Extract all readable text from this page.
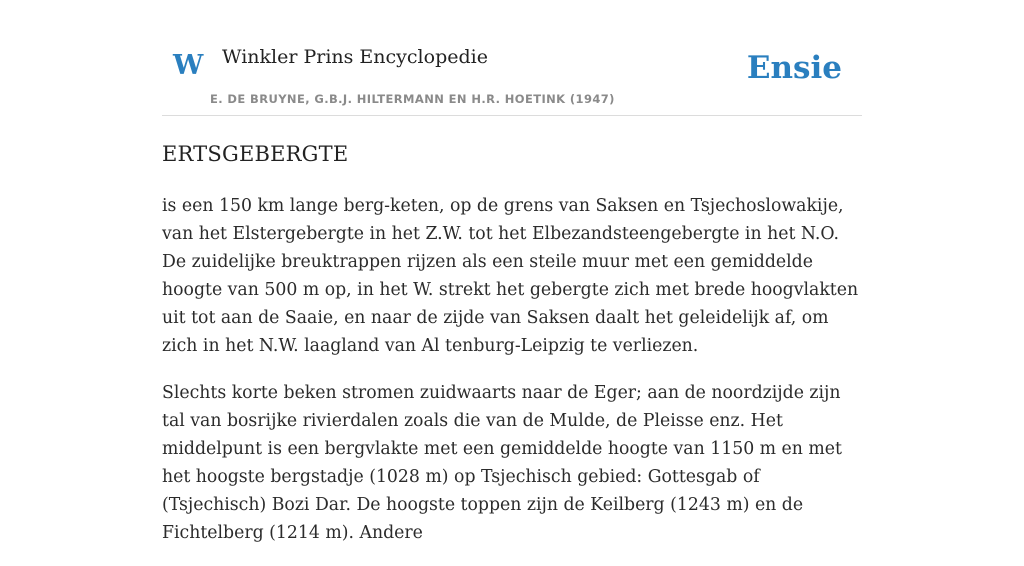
W Winkler Prins Encyclopedie
E. DE BRUYNE, G.B.J. HILTERMANN EN H.R. HOETINK (1947)
Ensie
ERTSGEBERGTE

is een 150 km lange berg-keten, op de grens van Saksen en Tsjechoslowakije, van het Elstergebergte in het Z.W. tot het Elbezandsteengebergte in het N.O. De zuidelijke breuktrappen rijzen als een steile muur met een gemiddelde hoogte van 500 m op, in het W. strekt het gebergte zich met brede hoogvlakten uit tot aan de Saaie, en naar de zijde van Saksen daalt het geleidelijk af, om zich in het N.W. laagland van Al tenburg-Leipzig te verliezen.

Slechts korte beken stromen zuidwaarts naar de Eger; aan de noordzijde zijn tal van bosrijke rivierdalen zoals die van de Mulde, de Pleisse enz. Het middelpunt is een bergvlakte met een gemiddelde hoogte van 1150 m en met het hoogste bergstadje (1028 m) op Tsjechisch gebied: Gottesgab of (Tsjechisch) Bozi Dar. De hoogste toppen zijn de Keilberg (1243 m) en de Fichtelberg (1214 m). Andere
